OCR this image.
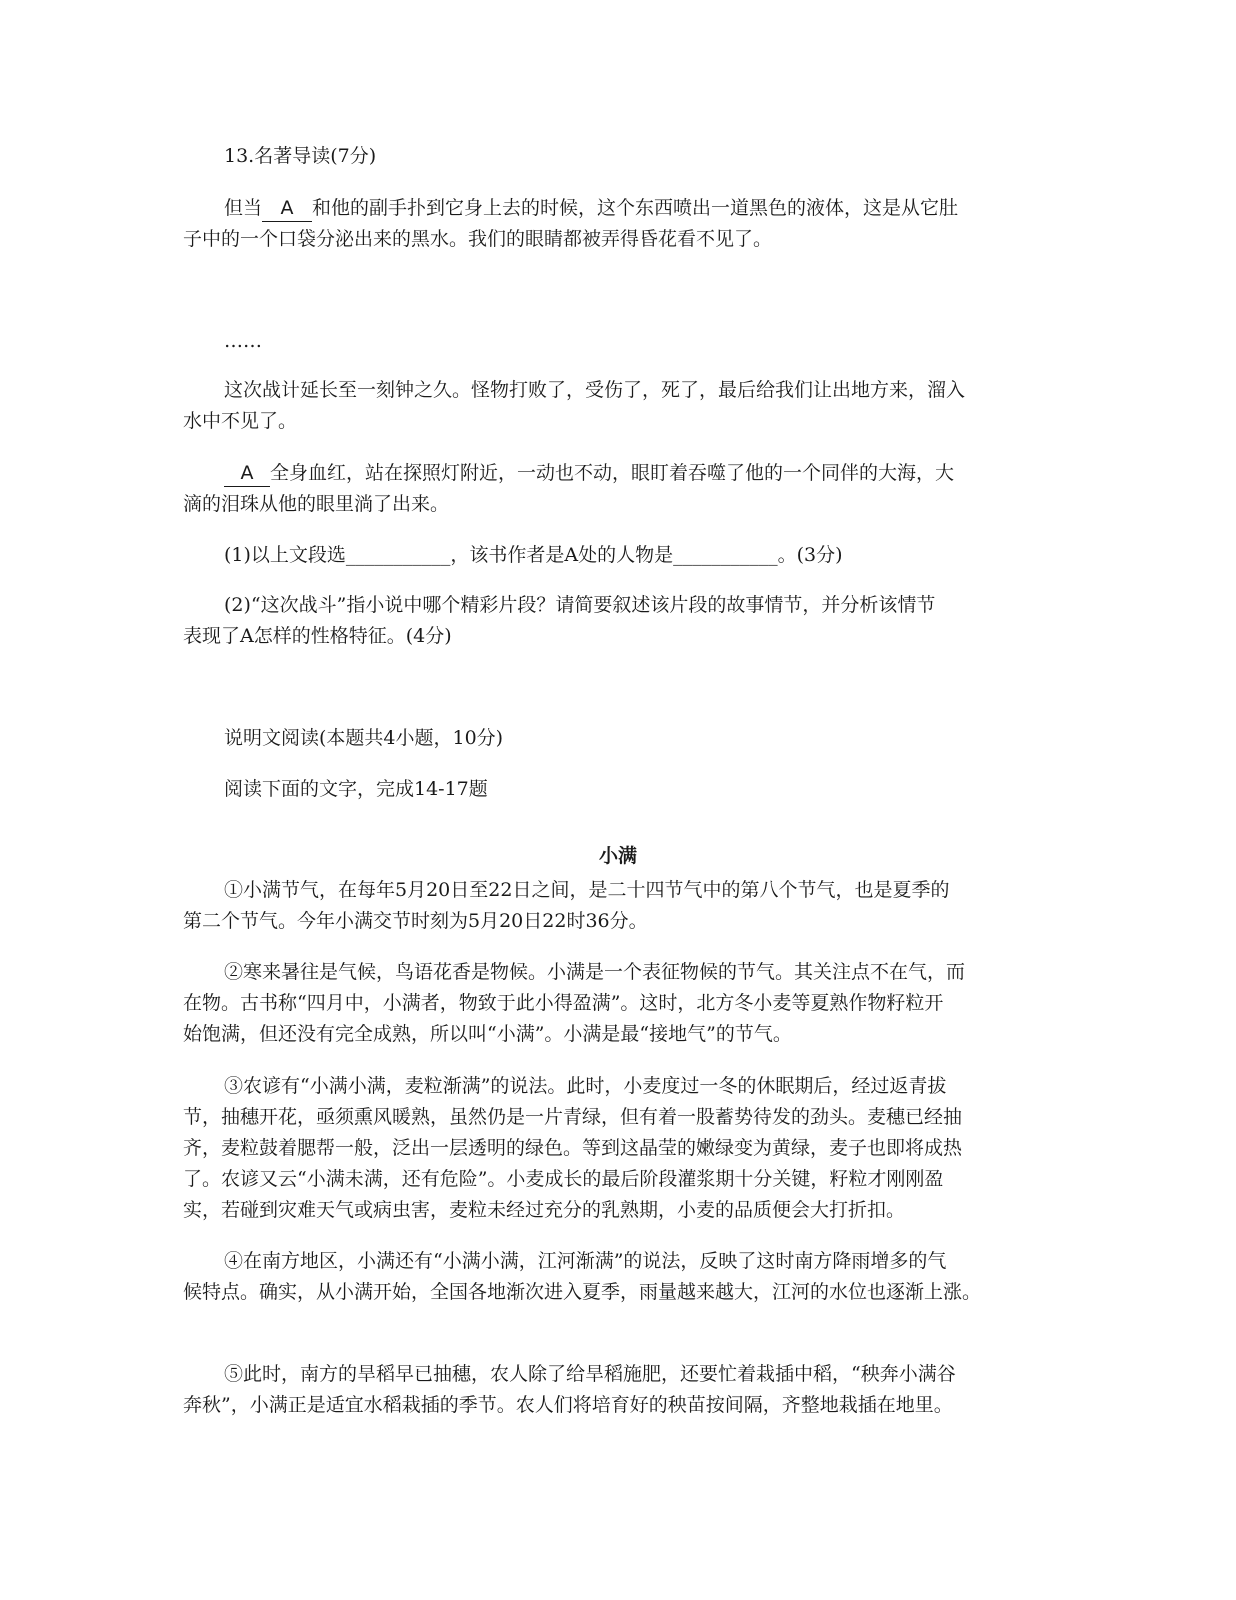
13.名著导读(7分)
但当 A 和他的副手扑到它身上去的时候，这个东西喷出一道黑色的液体，这是从它肚
子中的一个口袋分泌出来的黑水。我们的眼睛都被弄得昏花看不见了。
……
这次战计延长至一刻钟之久。怪物打败了，受伤了，死了，最后给我们让出地方来，溜入
水中不见了。
A 全身血红，站在探照灯附近，一动也不动，眼盯着吞噬了他的一个同伴的大海，大
滴的泪珠从他的眼里淌了出来。
(1)以上文段选___________，该书作者是A处的人物是___________。(3分)
(2)“这次战斗”指小说中哪个精彩片段？请简要叙述该片段的故事情节，并分析该情节
表现了A怎样的性格特征。(4分)
说明文阅读(本题共4小题，10分)
阅读下面的文字，完成14-17题
小满
①小满节气，在每年5月20日至22日之间，是二十四节气中的第八个节气，也是夏季的
第二个节气。今年小满交节时刻为5月20日22时36分。
②寒来暑往是气候，鸟语花香是物候。小满是一个表征物候的节气。其关注点不在气，而
在物。古书称“四月中，小满者，物致于此小得盈满”。这时，北方冬小麦等夏熟作物籽粒开
始饱满，但还没有完全成熟，所以叫“小满”。小满是最“接地气”的节气。
③农谚有“小满小满，麦粒渐满”的说法。此时，小麦度过一冬的休眠期后，经过返青拔
节，抽穗开花，亟须熏风暖熟，虽然仍是一片青绿，但有着一股蓄势待发的劲头。麦穗已经抽
齐，麦粒鼓着腮帮一般，泛出一层透明的绿色。等到这晶莹的嫩绿变为黄绿，麦子也即将成热
了。农谚又云“小满未满，还有危险”。小麦成长的最后阶段灌浆期十分关键，籽粒才刚刚盈
实，若碰到灾难天气或病虫害，麦粒未经过充分的乳熟期，小麦的品质便会大打折扣。
④在南方地区，小满还有“小满小满，江河渐满”的说法，反映了这时南方降雨增多的气
候特点。确实，从小满开始，全国各地渐次进入夏季，雨量越来越大，江河的水位也逐渐上涨。
⑤此时，南方的旱稻早已抽穗，农人除了给旱稻施肥，还要忙着栽插中稻，“秧奔小满谷
奔秋”，小满正是适宜水稻栽插的季节。农人们将培育好的秧苗按间隔，齐整地栽插在地里。
